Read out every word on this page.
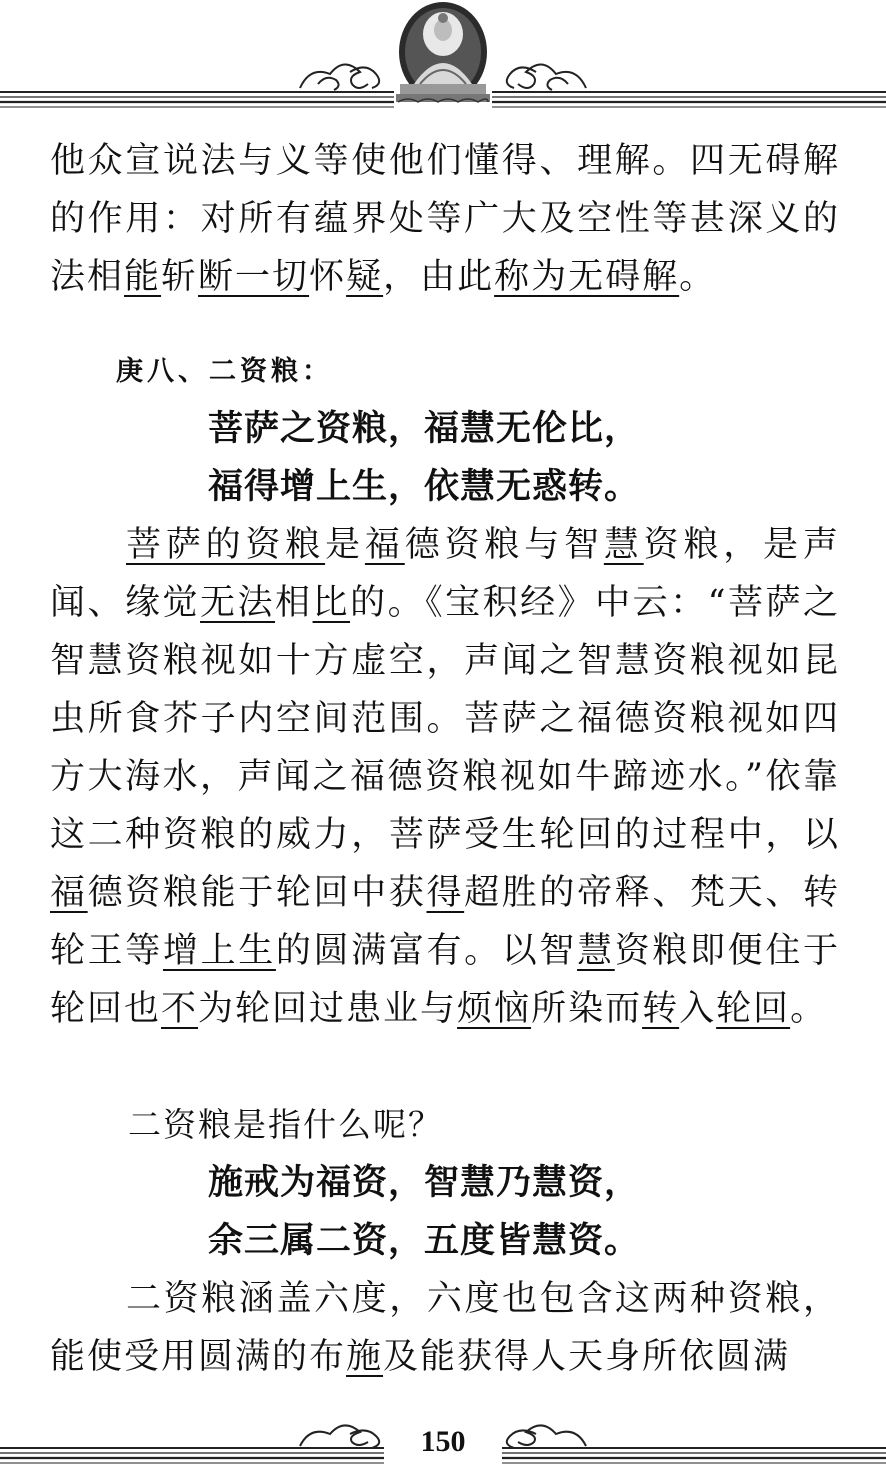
他众宣说法与义等使他们懂得、理解。四无碍解的作用：对所有蕴界处等广大及空性等甚深义的法相能斩断一切怀疑，由此称为无碍解。

庚八、二资粮：
菩萨之资粮，福慧无伦比，
福得增上生，依慧无惑转。

菩萨的资粮是福德资粮与智慧资粮，是声闻、缘觉无法相比的。《宝积经》中云：“菩萨之智慧资粮视如十方虚空，声闻之智慧资粮视如昆虫所食芥子内空间范围。菩萨之福德资粮视如四方大海水，声闻之福德资粮视如牛蹄迹水。”依靠这二种资粮的威力，菩萨受生轮回的过程中，以福德资粮能于轮回中获得超胜的帝释、梵天、转轮王等增上生的圆满富有。以智慧资粮即便住于轮回也不为轮回过患业与烦恼所染而转入轮回。

二资粮是指什么呢？
施戒为福资，智慧乃慧资，
余三属二资，五度皆慧资。

二资粮涵盖六度，六度也包含这两种资粮，能使受用圆满的布施及能获得人天身所依圆满

150
